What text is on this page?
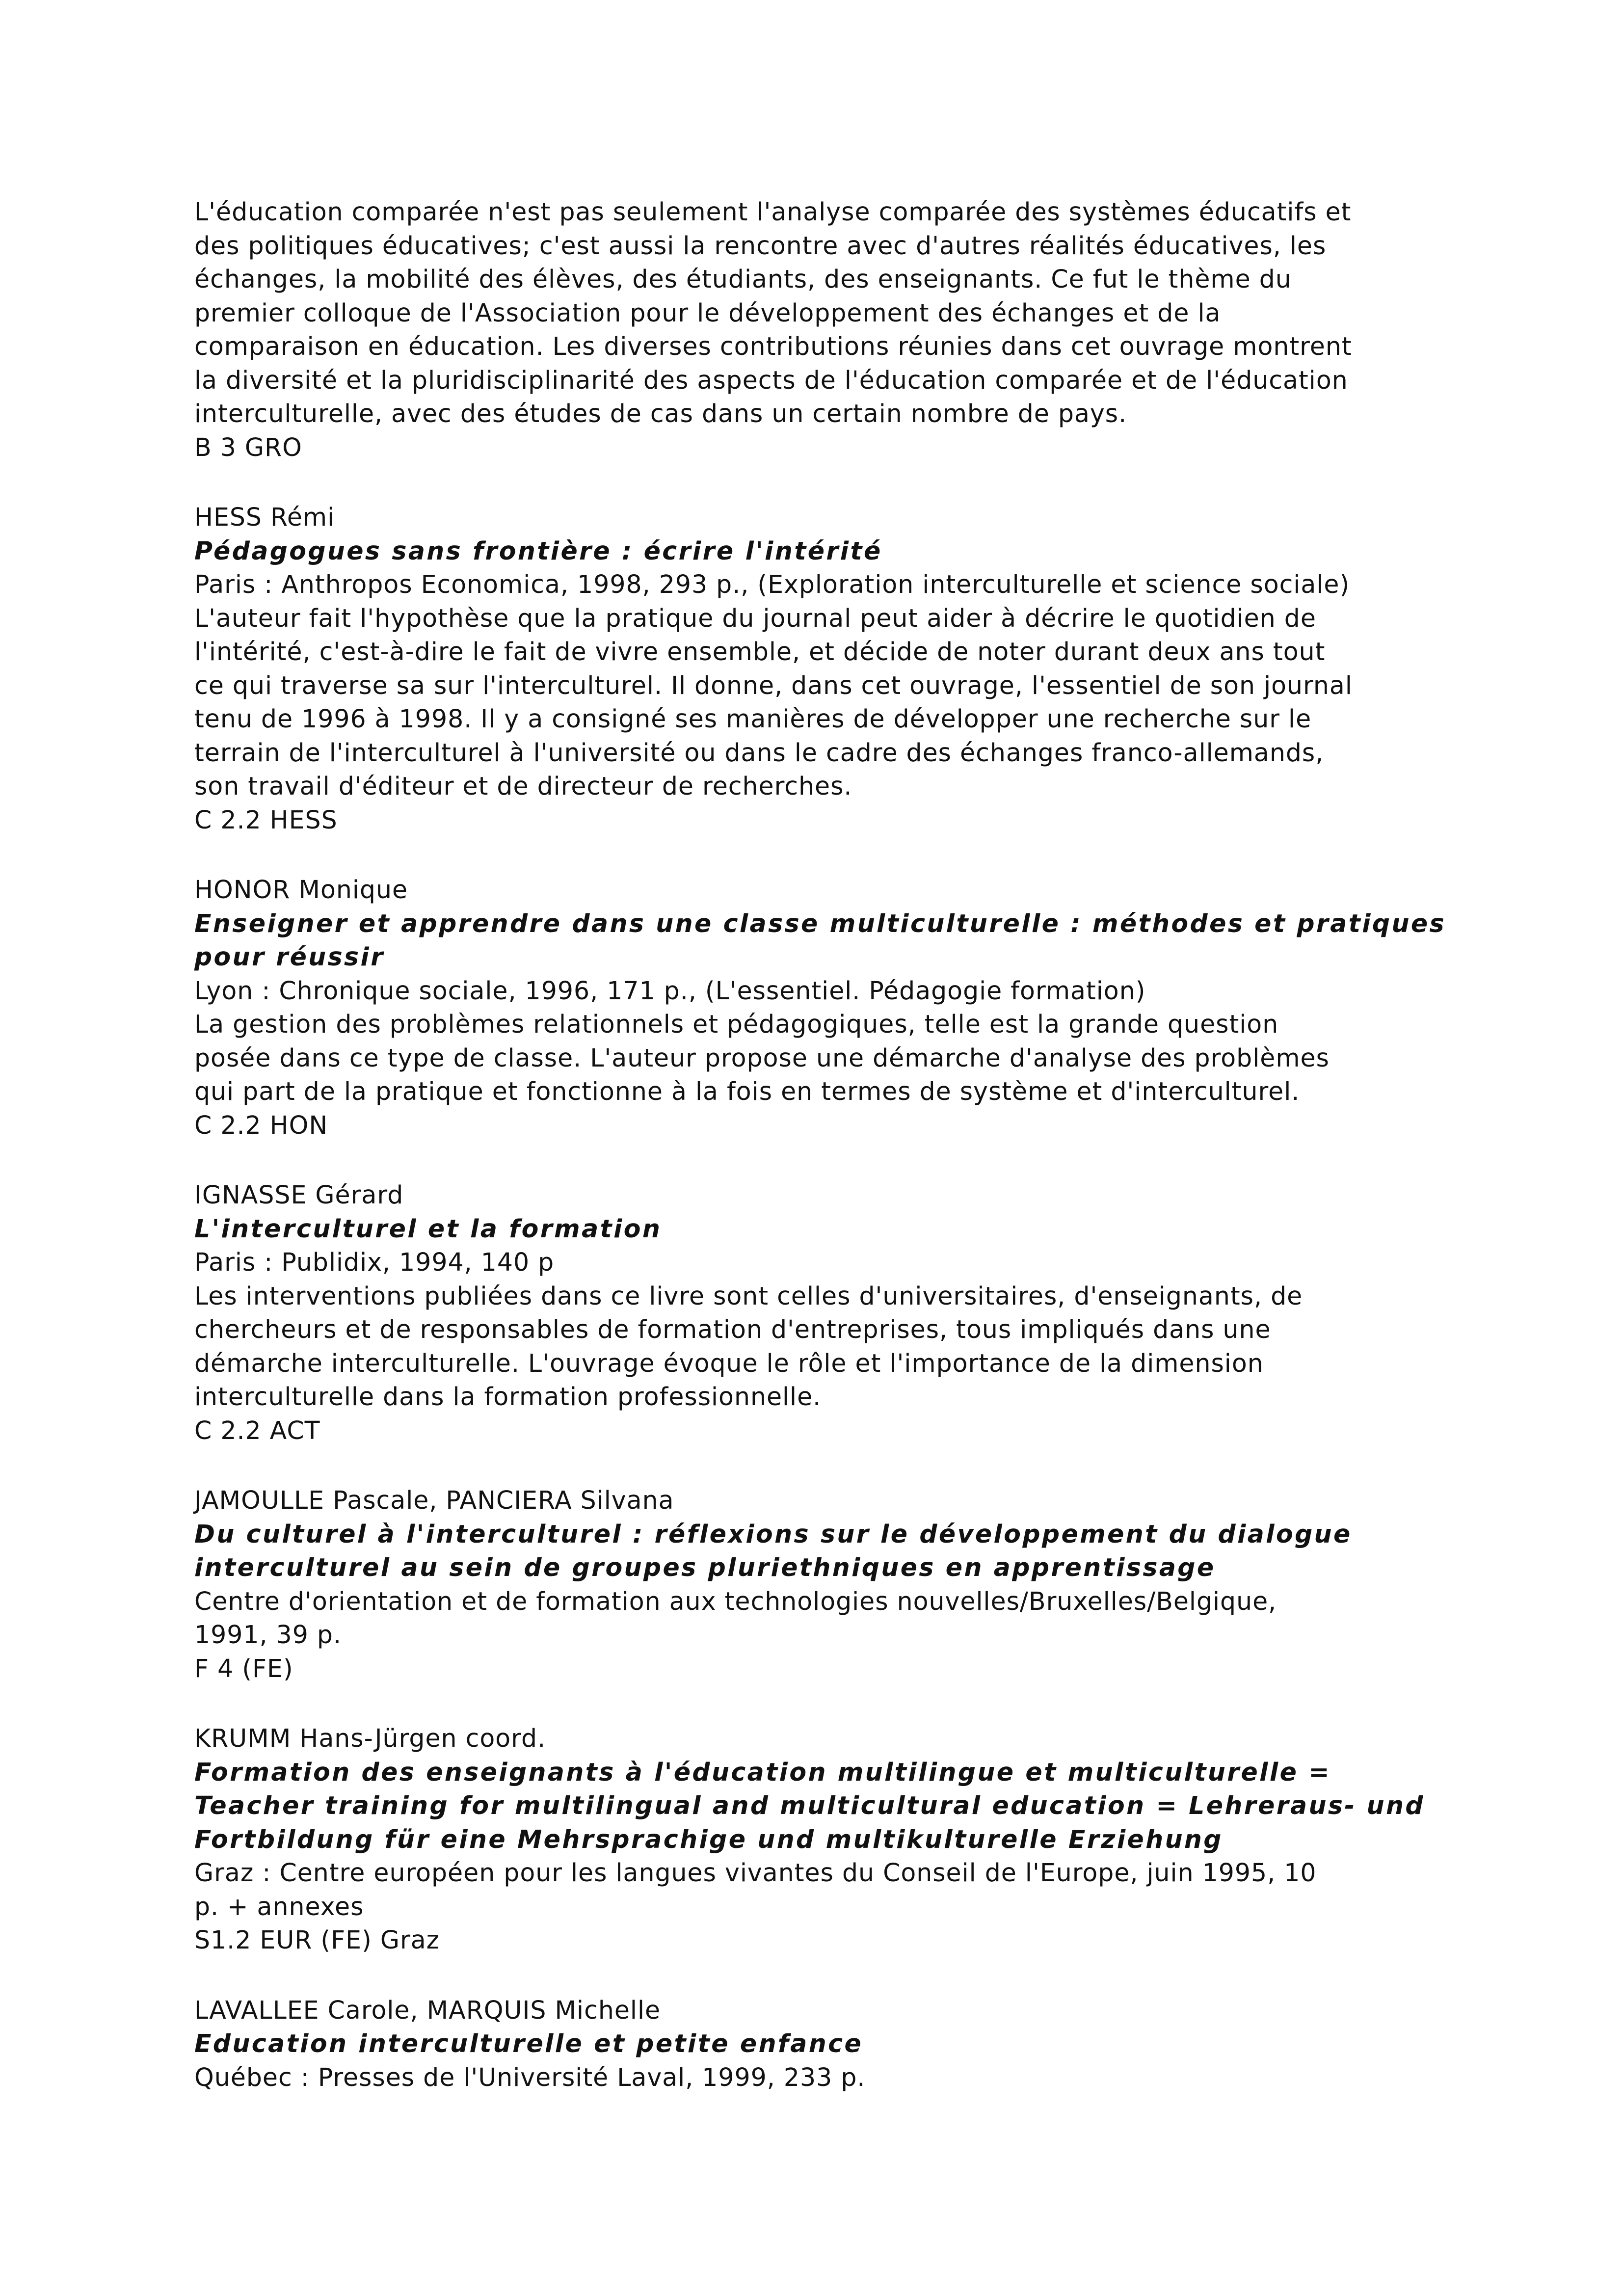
L'éducation comparée n'est pas seulement l'analyse comparée des systèmes éducatifs et
des politiques éducatives; c'est aussi la rencontre avec d'autres réalités éducatives, les
échanges, la mobilité des élèves, des étudiants, des enseignants. Ce fut le thème du
premier colloque de l'Association pour le développement des échanges et de la
comparaison en éducation. Les diverses contributions réunies dans cet ouvrage montrent
la diversité et la pluridisciplinarité des aspects de l'éducation comparée et de l'éducation
interculturelle, avec des études de cas dans un certain nombre de pays.
B 3 GRO
HESS Rémi
Pédagogues sans frontière : écrire l'intérité
Paris : Anthropos Economica, 1998, 293 p., (Exploration interculturelle et science sociale)
L'auteur fait l'hypothèse que la pratique du journal peut aider à décrire le quotidien de
l'intérité, c'est-à-dire le fait de vivre ensemble, et décide de noter durant deux ans tout
ce qui traverse sa sur l'interculturel. Il donne, dans cet ouvrage, l'essentiel de son journal
tenu de 1996 à 1998. Il y a consigné ses manières de développer une recherche sur le
terrain de l'interculturel à l'université ou dans le cadre des échanges franco-allemands,
son travail d'éditeur et de directeur de recherches.
C 2.2 HESS
HONOR Monique
Enseigner et apprendre dans une classe multiculturelle : méthodes et pratiques
pour réussir
Lyon : Chronique sociale, 1996, 171 p., (L'essentiel. Pédagogie formation)
La gestion des problèmes relationnels et pédagogiques, telle est la grande question
posée dans ce type de classe. L'auteur propose une démarche d'analyse des problèmes
qui part de la pratique et fonctionne à la fois en termes de système et d'interculturel.
C 2.2 HON
IGNASSE Gérard
L'interculturel et la formation
Paris : Publidix, 1994, 140 p
Les interventions publiées dans ce livre sont celles d'universitaires, d'enseignants, de
chercheurs et de responsables de formation d'entreprises, tous impliqués dans une
démarche interculturelle. L'ouvrage évoque le rôle et l'importance de la dimension
interculturelle dans la formation professionnelle.
C 2.2 ACT
JAMOULLE Pascale, PANCIERA Silvana
Du culturel à l'interculturel : réflexions sur le développement du dialogue
interculturel au sein de groupes pluriethniques en apprentissage
Centre d'orientation et de formation aux technologies nouvelles/Bruxelles/Belgique,
1991, 39 p.
F 4 (FE)
KRUMM Hans-Jürgen coord.
Formation des enseignants à l'éducation multilingue et multiculturelle =
Teacher training for multilingual and multicultural education = Lehreraus- und
Fortbildung für eine Mehrsprachige und multikulturelle Erziehung
Graz : Centre européen pour les langues vivantes du Conseil de l'Europe, juin 1995, 10
p. + annexes
S1.2 EUR (FE) Graz
LAVALLEE Carole, MARQUIS Michelle
Education interculturelle et petite enfance
Québec : Presses de l'Université Laval, 1999, 233 p.
